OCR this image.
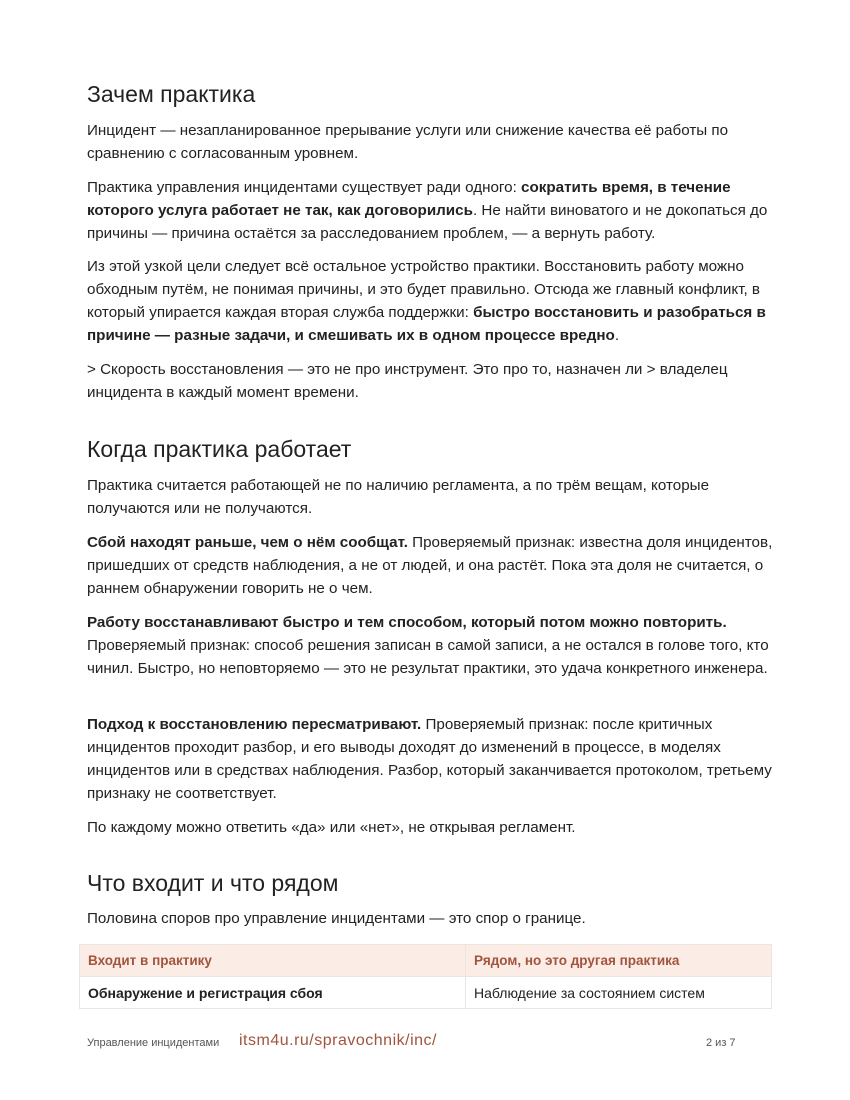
Зачем практика

Инцидент — незапланированное прерывание услуги или снижение качества её работы по сравнению с согласованным уровнем.

Практика управления инцидентами существует ради одного: сократить время, в течение которого услуга работает не так, как договорились. Не найти виноватого и не докопаться до причины — причина остаётся за расследованием проблем, — а вернуть работу.

Из этой узкой цели следует всё остальное устройство практики. Восстановить работу можно обходным путём, не понимая причины, и это будет правильно. Отсюда же главный конфликт, в который упирается каждая вторая служба поддержки: быстро восстановить и разобраться в причине — разные задачи, и смешивать их в одном процессе вредно.

> Скорость восстановления — это не про инструмент. Это про то, назначен ли > владелец инцидента в каждый момент времени.

Когда практика работает

Практика считается работающей не по наличию регламента, а по трём вещам, которые получаются или не получаются.

Сбой находят раньше, чем о нём сообщат. Проверяемый признак: известна доля инцидентов, пришедших от средств наблюдения, а не от людей, и она растёт. Пока эта доля не считается, о раннем обнаружении говорить не о чем.

Работу восстанавливают быстро и тем способом, который потом можно повторить. Проверяемый признак: способ решения записан в самой записи, а не остался в голове того, кто чинил. Быстро, но неповторяемо — это не результат практики, это удача конкретного инженера.

Подход к восстановлению пересматривают. Проверяемый признак: после критичных инцидентов проходит разбор, и его выводы доходят до изменений в процессе, в моделях инцидентов или в средствах наблюдения. Разбор, который заканчивается протоколом, третьему признаку не соответствует.

По каждому можно ответить «да» или «нет», не открывая регламент.

Что входит и что рядом

Половина споров про управление инцидентами — это спор о границе.

Входит в практику	Рядом, но это другая практика
Обнаружение и регистрация сбоя	Наблюдение за состоянием систем
Управление инцидентами itsm4u.ru/spravochnik/inc/	2 из 7
